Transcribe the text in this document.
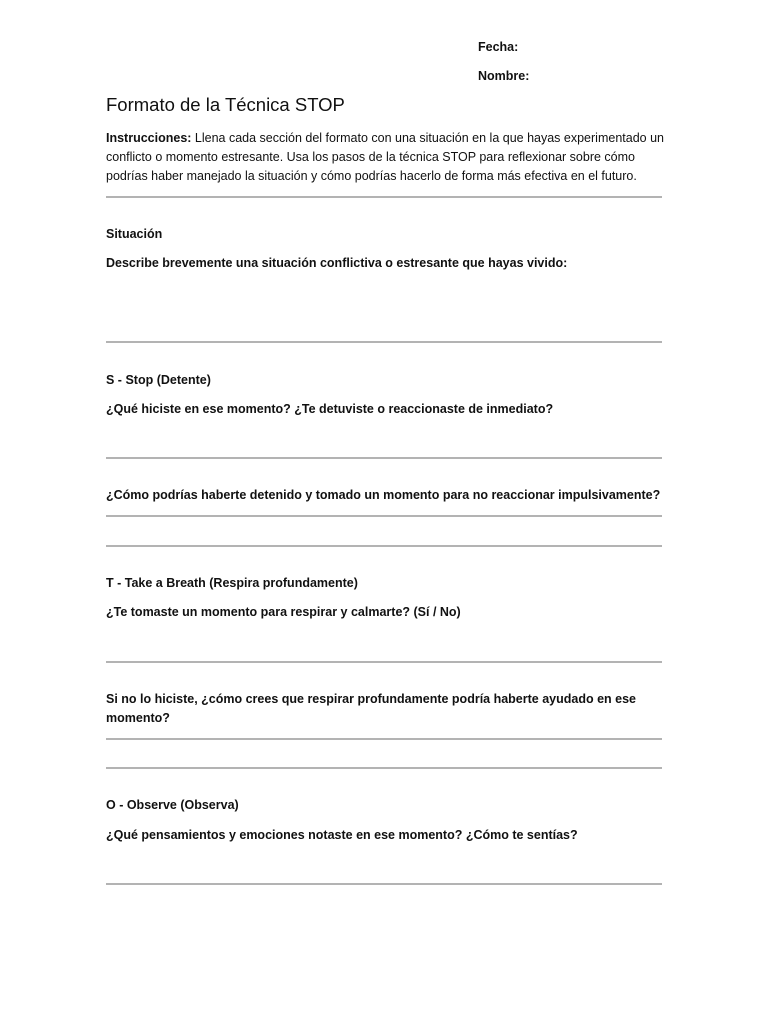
Fecha:
Nombre:
Formato de la Técnica STOP
Instrucciones: Llena cada sección del formato con una situación en la que hayas experimentado un conflicto o momento estresante. Usa los pasos de la técnica STOP para reflexionar sobre cómo podrías haber manejado la situación y cómo podrías hacerlo de forma más efectiva en el futuro.
Situación
Describe brevemente una situación conflictiva o estresante que hayas vivido:
S - Stop (Detente)
¿Qué hiciste en ese momento? ¿Te detuviste o reaccionaste de inmediato?
¿Cómo podrías haberte detenido y tomado un momento para no reaccionar impulsivamente?
T - Take a Breath (Respira profundamente)
¿Te tomaste un momento para respirar y calmarte? (Sí / No)
Si no lo hiciste, ¿cómo crees que respirar profundamente podría haberte ayudado en ese momento?
O - Observe (Observa)
¿Qué pensamientos y emociones notaste en ese momento? ¿Cómo te sentías?
